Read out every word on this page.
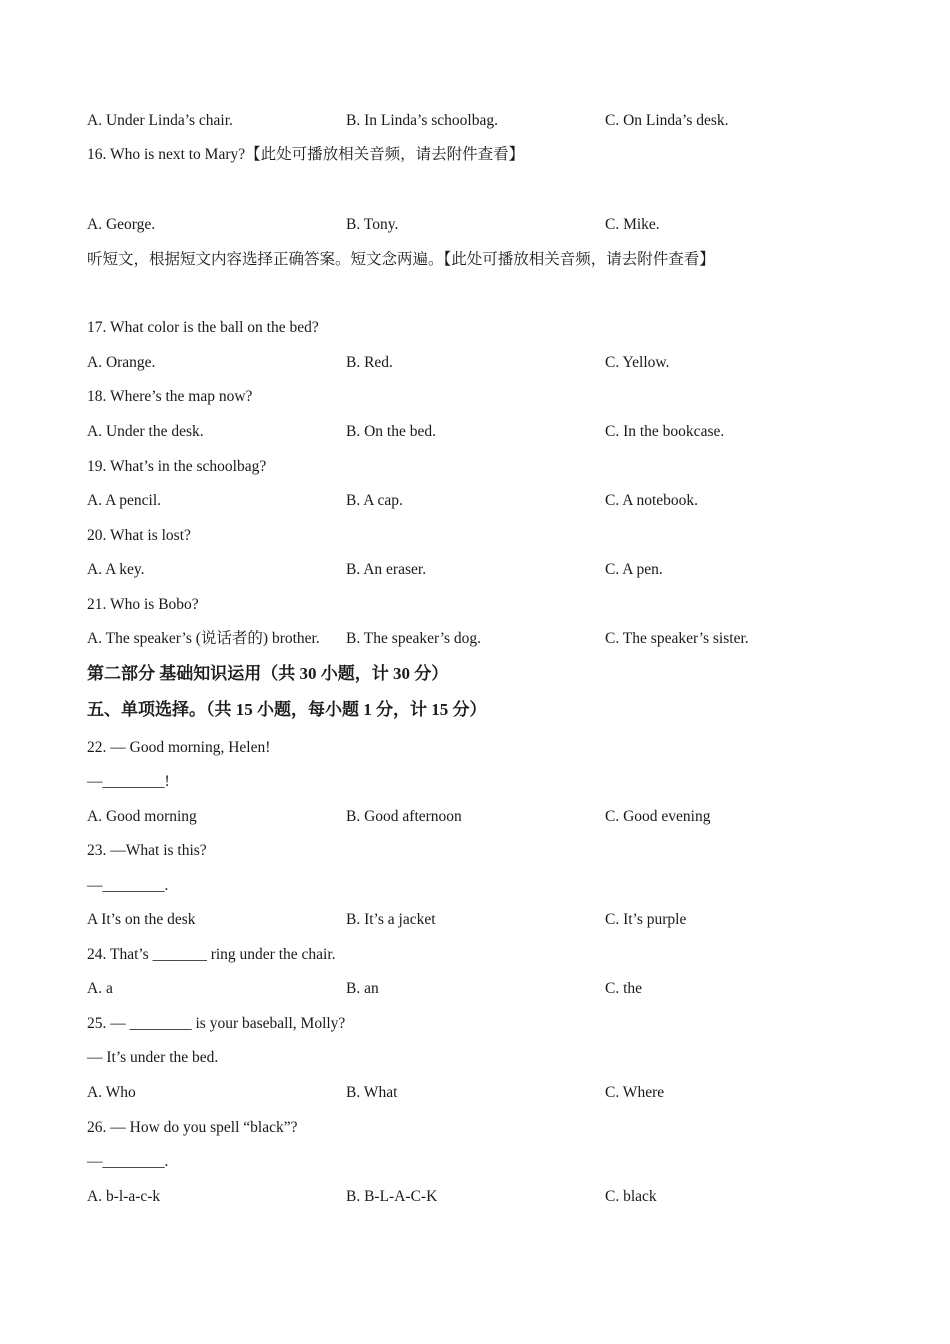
A. Under Linda’s chair.	B. In Linda’s schoolbag.	C. On Linda’s desk.
16. Who is next to Mary?【此处可播放相关音频，请去附件查看】
A. George.	B. Tony.	C. Mike.
听短文，根据短文内容选择正确答案。短文念两遍。【此处可播放相关音频，请去附件查看】
17. What color is the ball on the bed?
A. Orange.	B. Red.	C. Yellow.
18. Where’s the map now?
A. Under the desk.	B. On the bed.	C. In the bookcase.
19. What’s in the schoolbag?
A. A pencil.	B. A cap.	C. A notebook.
20. What is lost?
A. A key.	B. An eraser.	C. A pen.
21. Who is Bobo?
A. The speaker’s (说话者的) brother. B. The speaker’s dog.	C. The speaker’s sister.
第二部分 基础知识运用（共 30 小题，计 30 分）
五、单项选择。（共 15 小题，每小题 1 分，计 15 分）
22. — Good morning, Helen!
—________!
A. Good morning	B. Good afternoon	C. Good evening
23. —What is this?
—________.
A It’s on the desk	B. It’s a jacket	C. It’s purple
24. That’s _______ ring under the chair.
A. a	B. an	C. the
25. — ________ is your baseball, Molly?
— It’s under the bed.
A. Who	B. What	C. Where
26. — How do you spell “black”?
—________.
A. b-l-a-c-k	B. B-L-A-C-K	C. black
